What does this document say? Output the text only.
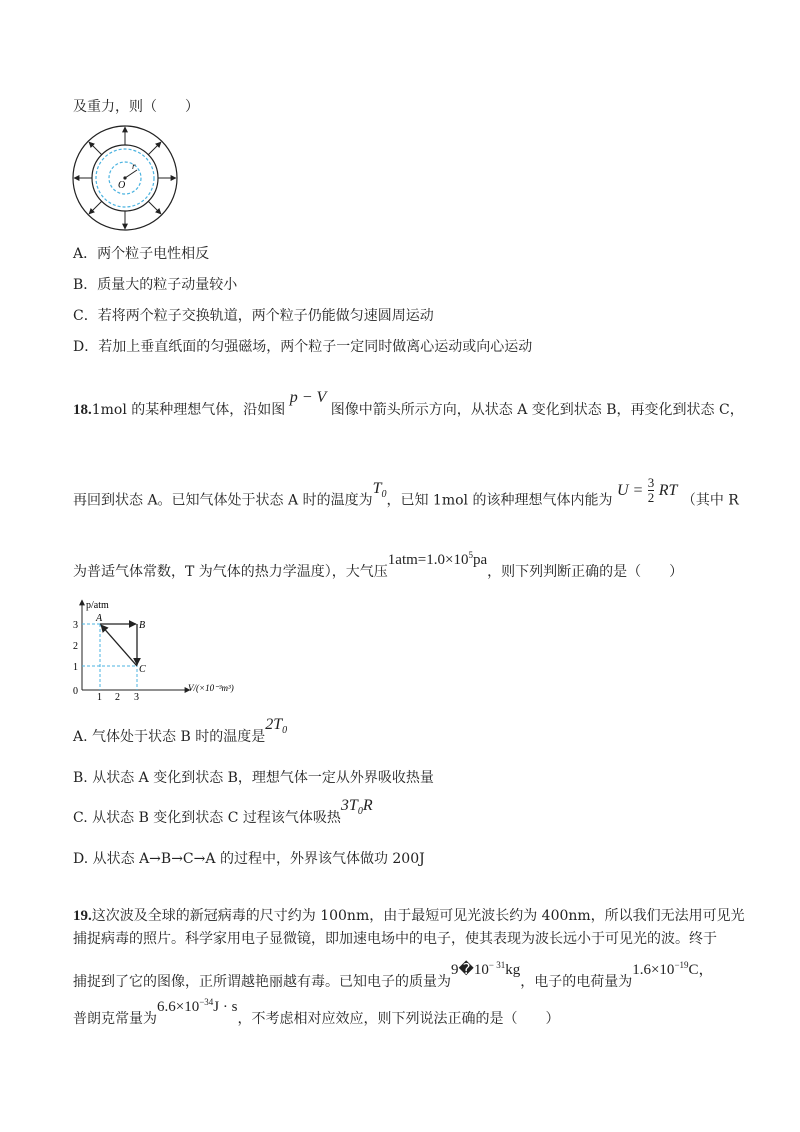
及重力，则（　　）
O
r
A．两个粒子电性相反
B．质量大的粒子动量较小
C．若将两个粒子交换轨道，两个粒子仍能做匀速圆周运动
D．若加上垂直纸面的匀强磁场，两个粒子一定同时做离心运动或向心运动
18.1mol 的某种理想气体，沿如图 p − V 图像中箭头所示方向，从状态 A 变化到状态 B，再变化到状态 C，
再回到状态 A。已知气体处于状态 A 时的温度为$T_0$，已知 1mol 的该种理想气体内能为 $U = \frac{3}{2}$ RT （其中 R
为普适气体常数，T 为气体的热力学温度），大气压$1atm=1.0\times 10^5pa$，则下列判断正确的是（　　）
p/atm
V/(×10⁻³m³)
0
1
2
3
1 2 3
A
B
C
A. 气体处于状态 B 时的温度是$2T_0$
B. 从状态 A 变化到状态 B，理想气体一定从外界吸收热量
C. 从状态 B 变化到状态 C 过程该气体吸热$3T_0R$
D. 从状态 A→B→C→A 的过程中，外界该气体做功 200J
19.这次波及全球的新冠病毒的尺寸约为 100nm，由于最短可见光波长约为 400nm，所以我们无法用可见光
捕捉病毒的照片。科学家用电子显微镜，即加速电场中的电子，使其表现为波长远小于可见光的波。终于
捕捉到了它的图像，正所谓越艳丽越有毒。已知电子的质量为$9�10^{- 31}kg$，电子的电荷量为$1.6\times 10^{-19}C$，
普朗克常量为$6.6\times 10^{-34}J \cdot s$，不考虑相对应效应，则下列说法正确的是（　　）
